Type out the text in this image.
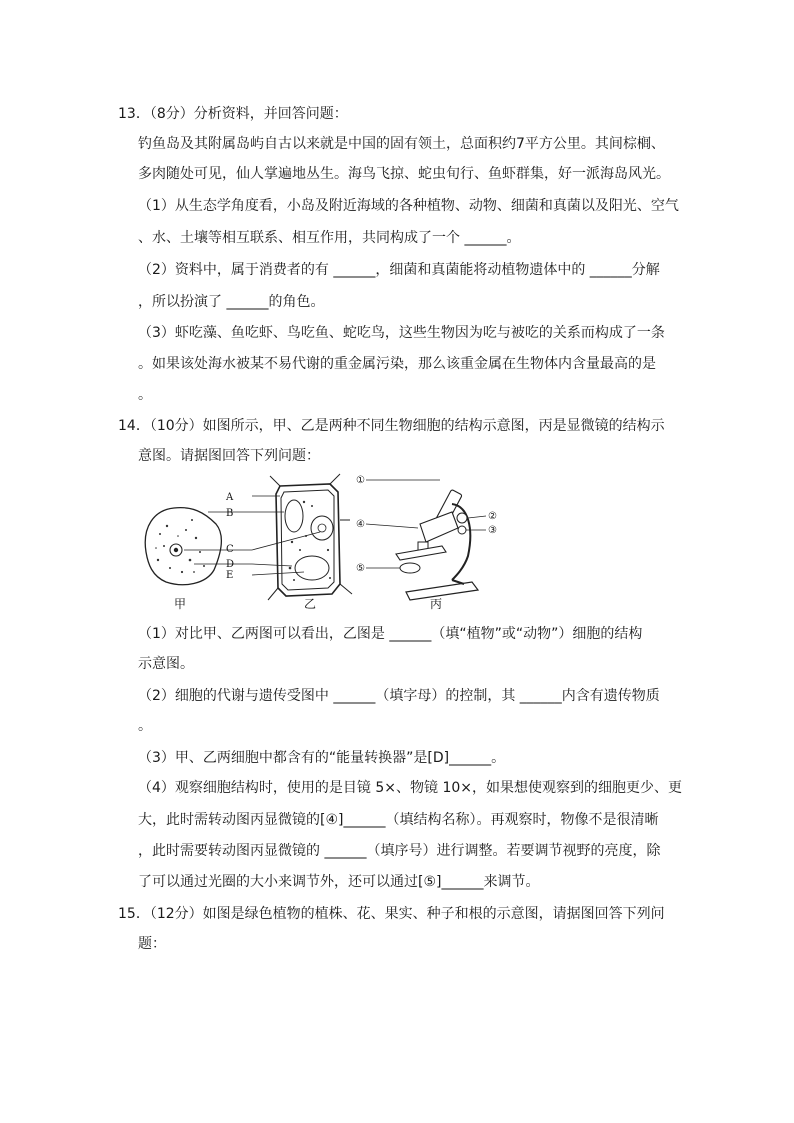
13．（8分）分析资料，并回答问题：
钓鱼岛及其附属岛屿自古以来就是中国的固有领土，总面积约7平方公里。其间棕榈、
多肉随处可见，仙人掌遍地丛生。海鸟飞掠、蛇虫旬行、鱼虾群集，好一派海岛风光。
（1）从生态学角度看，小岛及附近海域的各种植物、动物、细菌和真菌以及阳光、空气
、水、土壤等相互联系、相互作用，共同构成了一个 ______。
（2）资料中，属于消费者的有 ______，细菌和真菌能将动植物遗体中的 ______分解
，所以扮演了 ______的角色。
（3）虾吃藻、鱼吃虾、鸟吃鱼、蛇吃鸟，这些生物因为吃与被吃的关系而构成了一条
。如果该处海水被某不易代谢的重金属污染，那么该重金属在生物体内含量最高的是
。
14．（10分）如图所示，甲、乙是两种不同生物细胞的结构示意图，丙是显微镜的结构示
意图。请据图回答下列问题：
甲
A
B
C
D
E
乙
①
②
③
④
⑤
丙
（1）对比甲、乙两图可以看出，乙图是 ______（填“植物”或“动物”）细胞的结构
示意图。
（2）细胞的代谢与遗传受图中 ______（填字母）的控制，其 ______内含有遗传物质
。
（3）甲、乙两细胞中都含有的“能量转换器”是[D]______。
（4）观察细胞结构时，使用的是目镜 5×、物镜 10×，如果想使观察到的细胞更少、更
大，此时需转动图丙显微镜的[④]______（填结构名称）。再观察时，物像不是很清晰
，此时需要转动图丙显微镜的 ______（填序号）进行调整。若要调节视野的亮度，除
了可以通过光圈的大小来调节外，还可以通过[⑤]______来调节。
15．（12分）如图是绿色植物的植株、花、果实、种子和根的示意图，请据图回答下列问
题：
